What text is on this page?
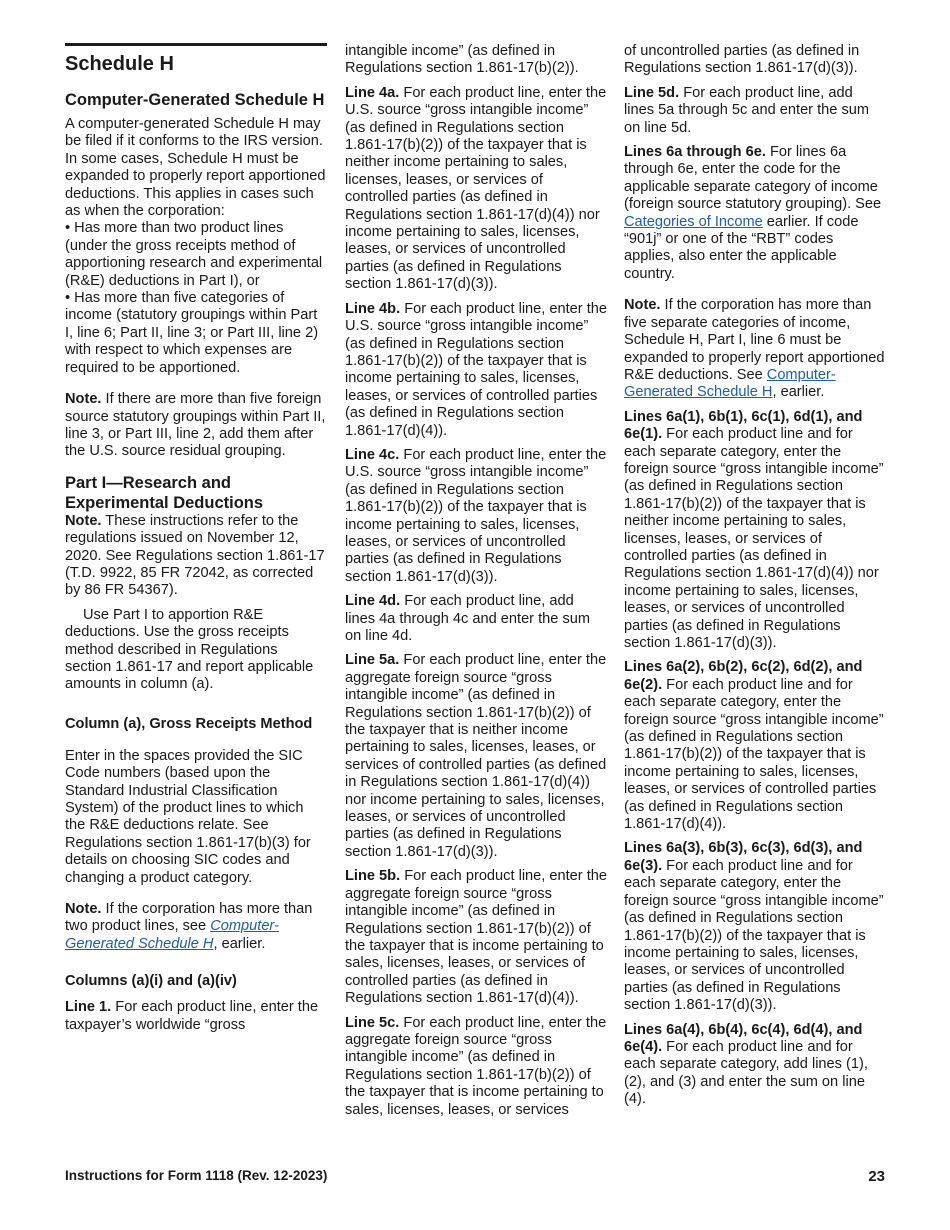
Schedule H
Computer-Generated Schedule H

A computer-generated Schedule H may be filed if it conforms to the IRS version. In some cases, Schedule H must be expanded to properly report apportioned deductions. This applies in cases such as when the corporation:

• Has more than two product lines (under the gross receipts method of apportioning research and experimental (R&E) deductions in Part I), or

• Has more than five categories of income (statutory groupings within Part I, line 6; Part II, line 3; or Part III, line 2) with respect to which expenses are required to be apportioned.

Note. If there are more than five foreign source statutory groupings within Part II, line 3, or Part III, line 2, add them after the U.S. source residual grouping.

Part I—Research and Experimental Deductions

Note. These instructions refer to the regulations issued on November 12, 2020. See Regulations section 1.861-17 (T.D. 9922, 85 FR 72042, as corrected by 86 FR 54367).

Use Part I to apportion R&E deductions. Use the gross receipts method described in Regulations section 1.861-17 and report applicable amounts in column (a).

Column (a), Gross Receipts Method

Enter in the spaces provided the SIC Code numbers (based upon the Standard Industrial Classification System) of the product lines to which the R&E deductions relate. See Regulations section 1.861-17(b)(3) for details on choosing SIC codes and changing a product category.

Note. If the corporation has more than two product lines, see Computer-Generated Schedule H, earlier.

Columns (a)(i) and (a)(iv)

Line 1. For each product line, enter the taxpayer’s worldwide “gross

intangible income” (as defined in Regulations section 1.861-17(b)(2)).

Line 4a. For each product line, enter the U.S. source “gross intangible income” (as defined in Regulations section 1.861-17(b)(2)) of the taxpayer that is neither income pertaining to sales, licenses, leases, or services of controlled parties (as defined in Regulations section 1.861-17(d)(4)) nor income pertaining to sales, licenses, leases, or services of uncontrolled parties (as defined in Regulations section 1.861-17(d)(3)).

Line 4b. For each product line, enter the U.S. source “gross intangible income” (as defined in Regulations section 1.861-17(b)(2)) of the taxpayer that is income pertaining to sales, licenses, leases, or services of controlled parties (as defined in Regulations section 1.861-17(d)(4)).

Line 4c. For each product line, enter the U.S. source “gross intangible income” (as defined in Regulations section 1.861-17(b)(2)) of the taxpayer that is income pertaining to sales, licenses, leases, or services of uncontrolled parties (as defined in Regulations section 1.861-17(d)(3)).

Line 4d. For each product line, add lines 4a through 4c and enter the sum on line 4d.

Line 5a. For each product line, enter the aggregate foreign source “gross intangible income” (as defined in Regulations section 1.861-17(b)(2)) of the taxpayer that is neither income pertaining to sales, licenses, leases, or services of controlled parties (as defined in Regulations section 1.861-17(d)(4)) nor income pertaining to sales, licenses, leases, or services of uncontrolled parties (as defined in Regulations section 1.861-17(d)(3)).

Line 5b. For each product line, enter the aggregate foreign source “gross intangible income” (as defined in Regulations section 1.861-17(b)(2)) of the taxpayer that is income pertaining to sales, licenses, leases, or services of controlled parties (as defined in Regulations section 1.861-17(d)(4)).

Line 5c. For each product line, enter the aggregate foreign source “gross intangible income” (as defined in Regulations section 1.861-17(b)(2)) of the taxpayer that is income pertaining to sales, licenses, leases, or services

of uncontrolled parties (as defined in Regulations section 1.861-17(d)(3)).

Line 5d. For each product line, add lines 5a through 5c and enter the sum on line 5d.

Lines 6a through 6e. For lines 6a through 6e, enter the code for the applicable separate category of income (foreign source statutory grouping). See Categories of Income earlier. If code “901j” or one of the “RBT” codes applies, also enter the applicable country.

Note. If the corporation has more than five separate categories of income, Schedule H, Part I, line 6 must be expanded to properly report apportioned R&E deductions. See Computer-Generated Schedule H, earlier.

Lines 6a(1), 6b(1), 6c(1), 6d(1), and 6e(1). For each product line and for each separate category, enter the foreign source “gross intangible income” (as defined in Regulations section 1.861-17(b)(2)) of the taxpayer that is neither income pertaining to sales, licenses, leases, or services of controlled parties (as defined in Regulations section 1.861-17(d)(4)) nor income pertaining to sales, licenses, leases, or services of uncontrolled parties (as defined in Regulations section 1.861-17(d)(3)).

Lines 6a(2), 6b(2), 6c(2), 6d(2), and 6e(2). For each product line and for each separate category, enter the foreign source “gross intangible income” (as defined in Regulations section 1.861-17(b)(2)) of the taxpayer that is income pertaining to sales, licenses, leases, or services of controlled parties (as defined in Regulations section 1.861-17(d)(4)).

Lines 6a(3), 6b(3), 6c(3), 6d(3), and 6e(3). For each product line and for each separate category, enter the foreign source “gross intangible income” (as defined in Regulations section 1.861-17(b)(2)) of the taxpayer that is income pertaining to sales, licenses, leases, or services of uncontrolled parties (as defined in Regulations section 1.861-17(d)(3)).

Lines 6a(4), 6b(4), 6c(4), 6d(4), and 6e(4). For each product line and for each separate category, add lines (1), (2), and (3) and enter the sum on line (4).

Instructions for Form 1118 (Rev. 12-2023)	23
